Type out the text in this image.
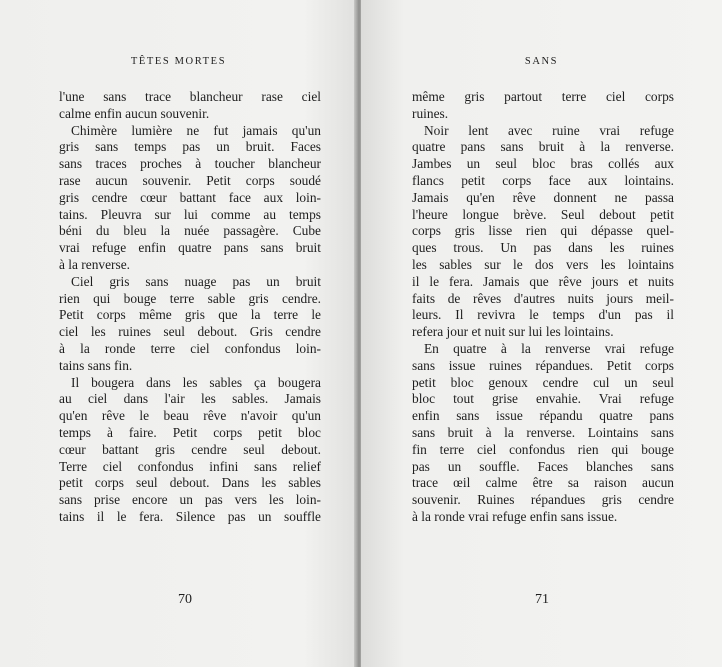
TÊTES MORTES
l'une sans trace blancheur rase ciel
calme enfin aucun souvenir.
Chimère lumière ne fut jamais qu'un
gris sans temps pas un bruit. Faces
sans traces proches à toucher blancheur
rase aucun souvenir. Petit corps soudé
gris cendre cœur battant face aux loin-
tains. Pleuvra sur lui comme au temps
béni du bleu la nuée passagère. Cube
vrai refuge enfin quatre pans sans bruit
à la renverse.
Ciel gris sans nuage pas un bruit
rien qui bouge terre sable gris cendre.
Petit corps même gris que la terre le
ciel les ruines seul debout. Gris cendre
à la ronde terre ciel confondus loin-
tains sans fin.
Il bougera dans les sables ça bougera
au ciel dans l'air les sables. Jamais
qu'en rêve le beau rêve n'avoir qu'un
temps à faire. Petit corps petit bloc
cœur battant gris cendre seul debout.
Terre ciel confondus infini sans relief
petit corps seul debout. Dans les sables
sans prise encore un pas vers les loin-
tains il le fera. Silence pas un souffle
70
SANS
même gris partout terre ciel corps
ruines.
Noir lent avec ruine vrai refuge
quatre pans sans bruit à la renverse.
Jambes un seul bloc bras collés aux
flancs petit corps face aux lointains.
Jamais qu'en rêve donnent ne passa
l'heure longue brève. Seul debout petit
corps gris lisse rien qui dépasse quel-
ques trous. Un pas dans les ruines
les sables sur le dos vers les lointains
il le fera. Jamais que rêve jours et nuits
faits de rêves d'autres nuits jours meil-
leurs. Il revivra le temps d'un pas il
refera jour et nuit sur lui les lointains.
En quatre à la renverse vrai refuge
sans issue ruines répandues. Petit corps
petit bloc genoux cendre cul un seul
bloc tout grise envahie. Vrai refuge
enfin sans issue répandu quatre pans
sans bruit à la renverse. Lointains sans
fin terre ciel confondus rien qui bouge
pas un souffle. Faces blanches sans
trace œil calme être sa raison aucun
souvenir. Ruines répandues gris cendre
à la ronde vrai refuge enfin sans issue.
71
